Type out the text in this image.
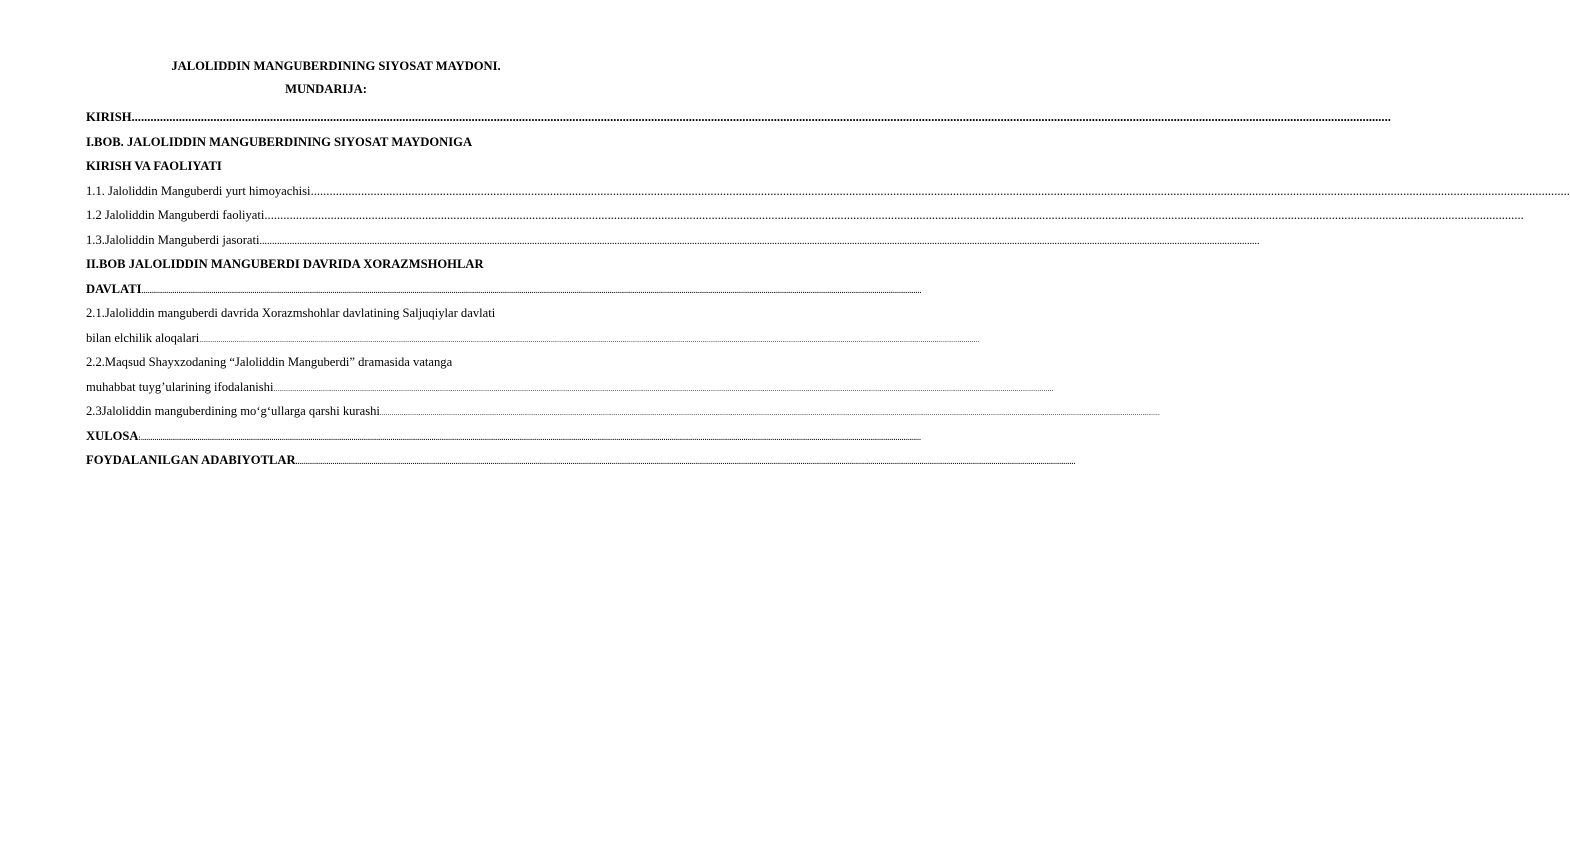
JALOLIDDIN MANGUBERDINING SIYOSAT MAYDONI.
MUNDARIJA:
KIRISH ................................................................................................................................................................................................................................................................................................................................................................................................................
I.BOB. JALOLIDDIN MANGUBERDINING SIYOSAT MAYDONIGA
KIRISH VA FAOLIYATI
1.1. Jaloliddin Manguberdi yurt himoyachisi ................................................................................................................................................................................................................................................................................................................................................................................................................
1.2 Jaloliddin Manguberdi faoliyati ................................................................................................................................................................................................................................................................................................................................................................................................................
1.3.Jaloliddin Manguberdi jasorati ................................................................................................................................................................................................................................................................................................................................................................................................................
II.BOB JALOLIDDIN MANGUBERDI DAVRIDA XORAZMSHOHLAR
DAVLATI ................................................................................................................................................................................................................................................................................................................................................................................................................
2.1.Jaloliddin manguberdi davrida Xorazmshohlar davlatining Saljuqiylar davlati
bilan elchilik aloqalari ................................................................................................................................................................................................................................................................................................................................................................................................................
2.2.Maqsud Shayxzodaning “Jaloliddin Manguberdi” dramasida vatanga
muhabbat tuyg’ularining ifodalanishi ................................................................................................................................................................................................................................................................................................................................................................................................................
2.3Jaloliddin manguberdining mo‘g‘ullarga qarshi kurashi ................................................................................................................................................................................................................................................................................................................................................................................................................
XULOSA : ................................................................................................................................................................................................................................................................................................................................................................................................................
FOYDALANILGAN ADABIYOTLAR ................................................................................................................................................................................................................................................................................................................................................................................................................
